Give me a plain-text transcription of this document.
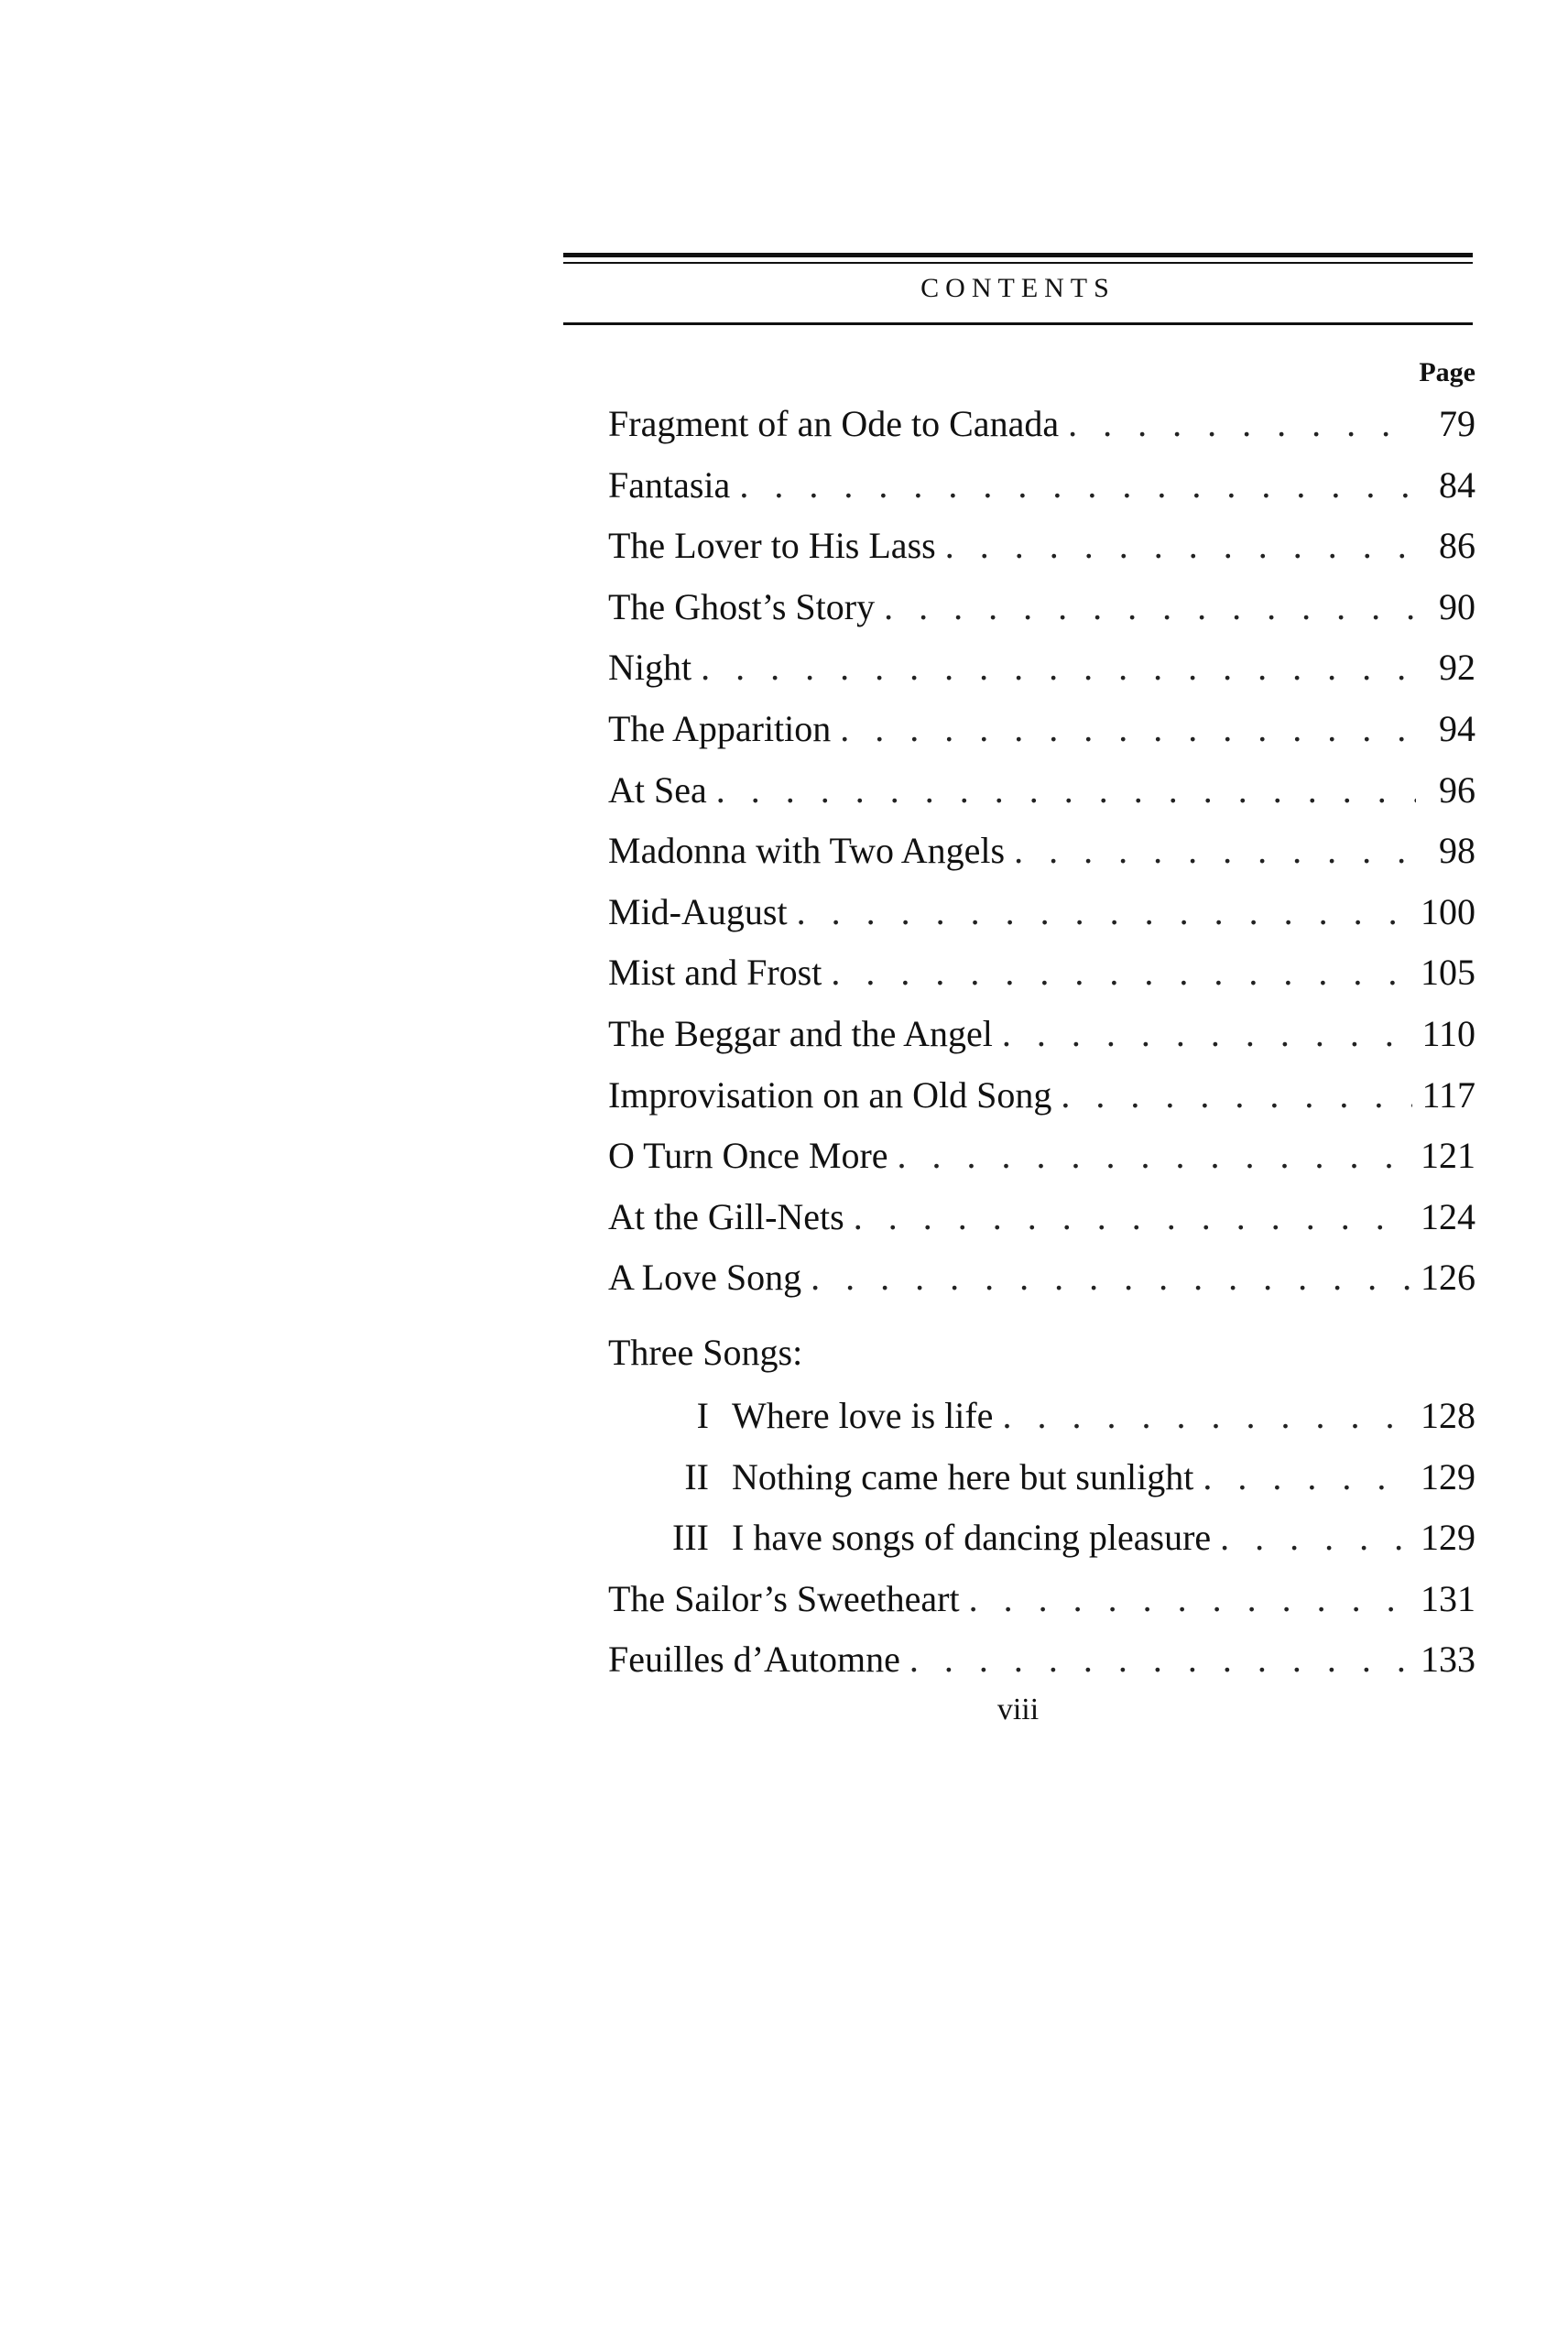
CONTENTS
Page
Fragment of an Ode to Canada . . .	79
Fantasia . . .	84
The Lover to His Lass . . .	86
The Ghost’s Story . . .	90
Night . . .	92
The Apparition . . .	94
At Sea . . .	96
Madonna with Two Angels . . .	98
Mid-August . . .	100
Mist and Frost . . .	105
The Beggar and the Angel . . .	110
Improvisation on an Old Song . . .	117
O Turn Once More . . .	121
At the Gill-Nets . . .	124
A Love Song . . .	126
Three Songs:
I Where love is life . . .	128
II Nothing came here but sunlight . . .	129
III I have songs of dancing pleasure . . .	129
The Sailor’s Sweetheart . . .	131
Feuilles d’Automne . . .	133
viii
